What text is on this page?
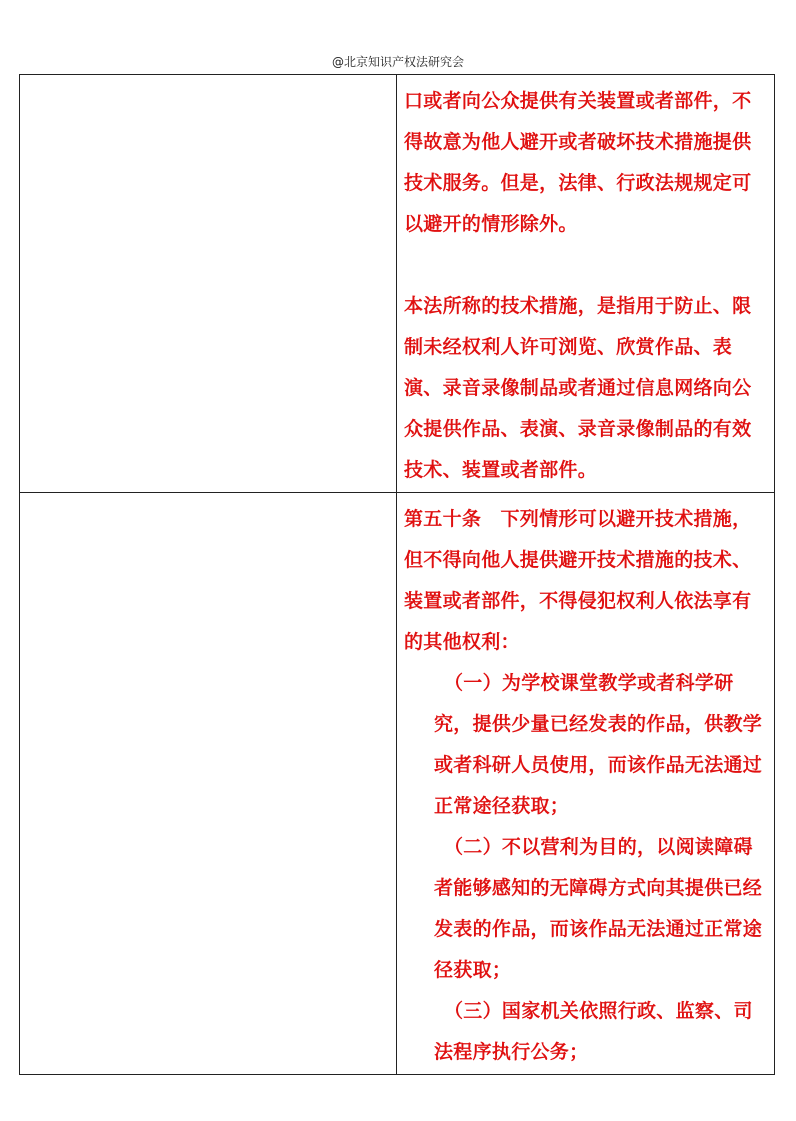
@北京知识产权法研究会

	口或者向公众提供有关装置或者部件，不得故意为他人避开或者破坏技术措施提供技术服务。但是，法律、行政法规规定可以避开的情形除外。

本法所称的技术措施，是指用于防止、限制未经权利人许可浏览、欣赏作品、表演、录音录像制品或者通过信息网络向公众提供作品、表演、录音录像制品的有效技术、装置或者部件。

	第五十条　下列情形可以避开技术措施，但不得向他人提供避开技术措施的技术、装置或者部件，不得侵犯权利人依法享有的其他权利：

（一）为学校课堂教学或者科学研究，提供少量已经发表的作品，供教学或者科研人员使用，而该作品无法通过正常途径获取；

（二）不以营利为目的，以阅读障碍者能够感知的无障碍方式向其提供已经发表的作品，而该作品无法通过正常途径获取；

（三）国家机关依照行政、监察、司法程序执行公务；
